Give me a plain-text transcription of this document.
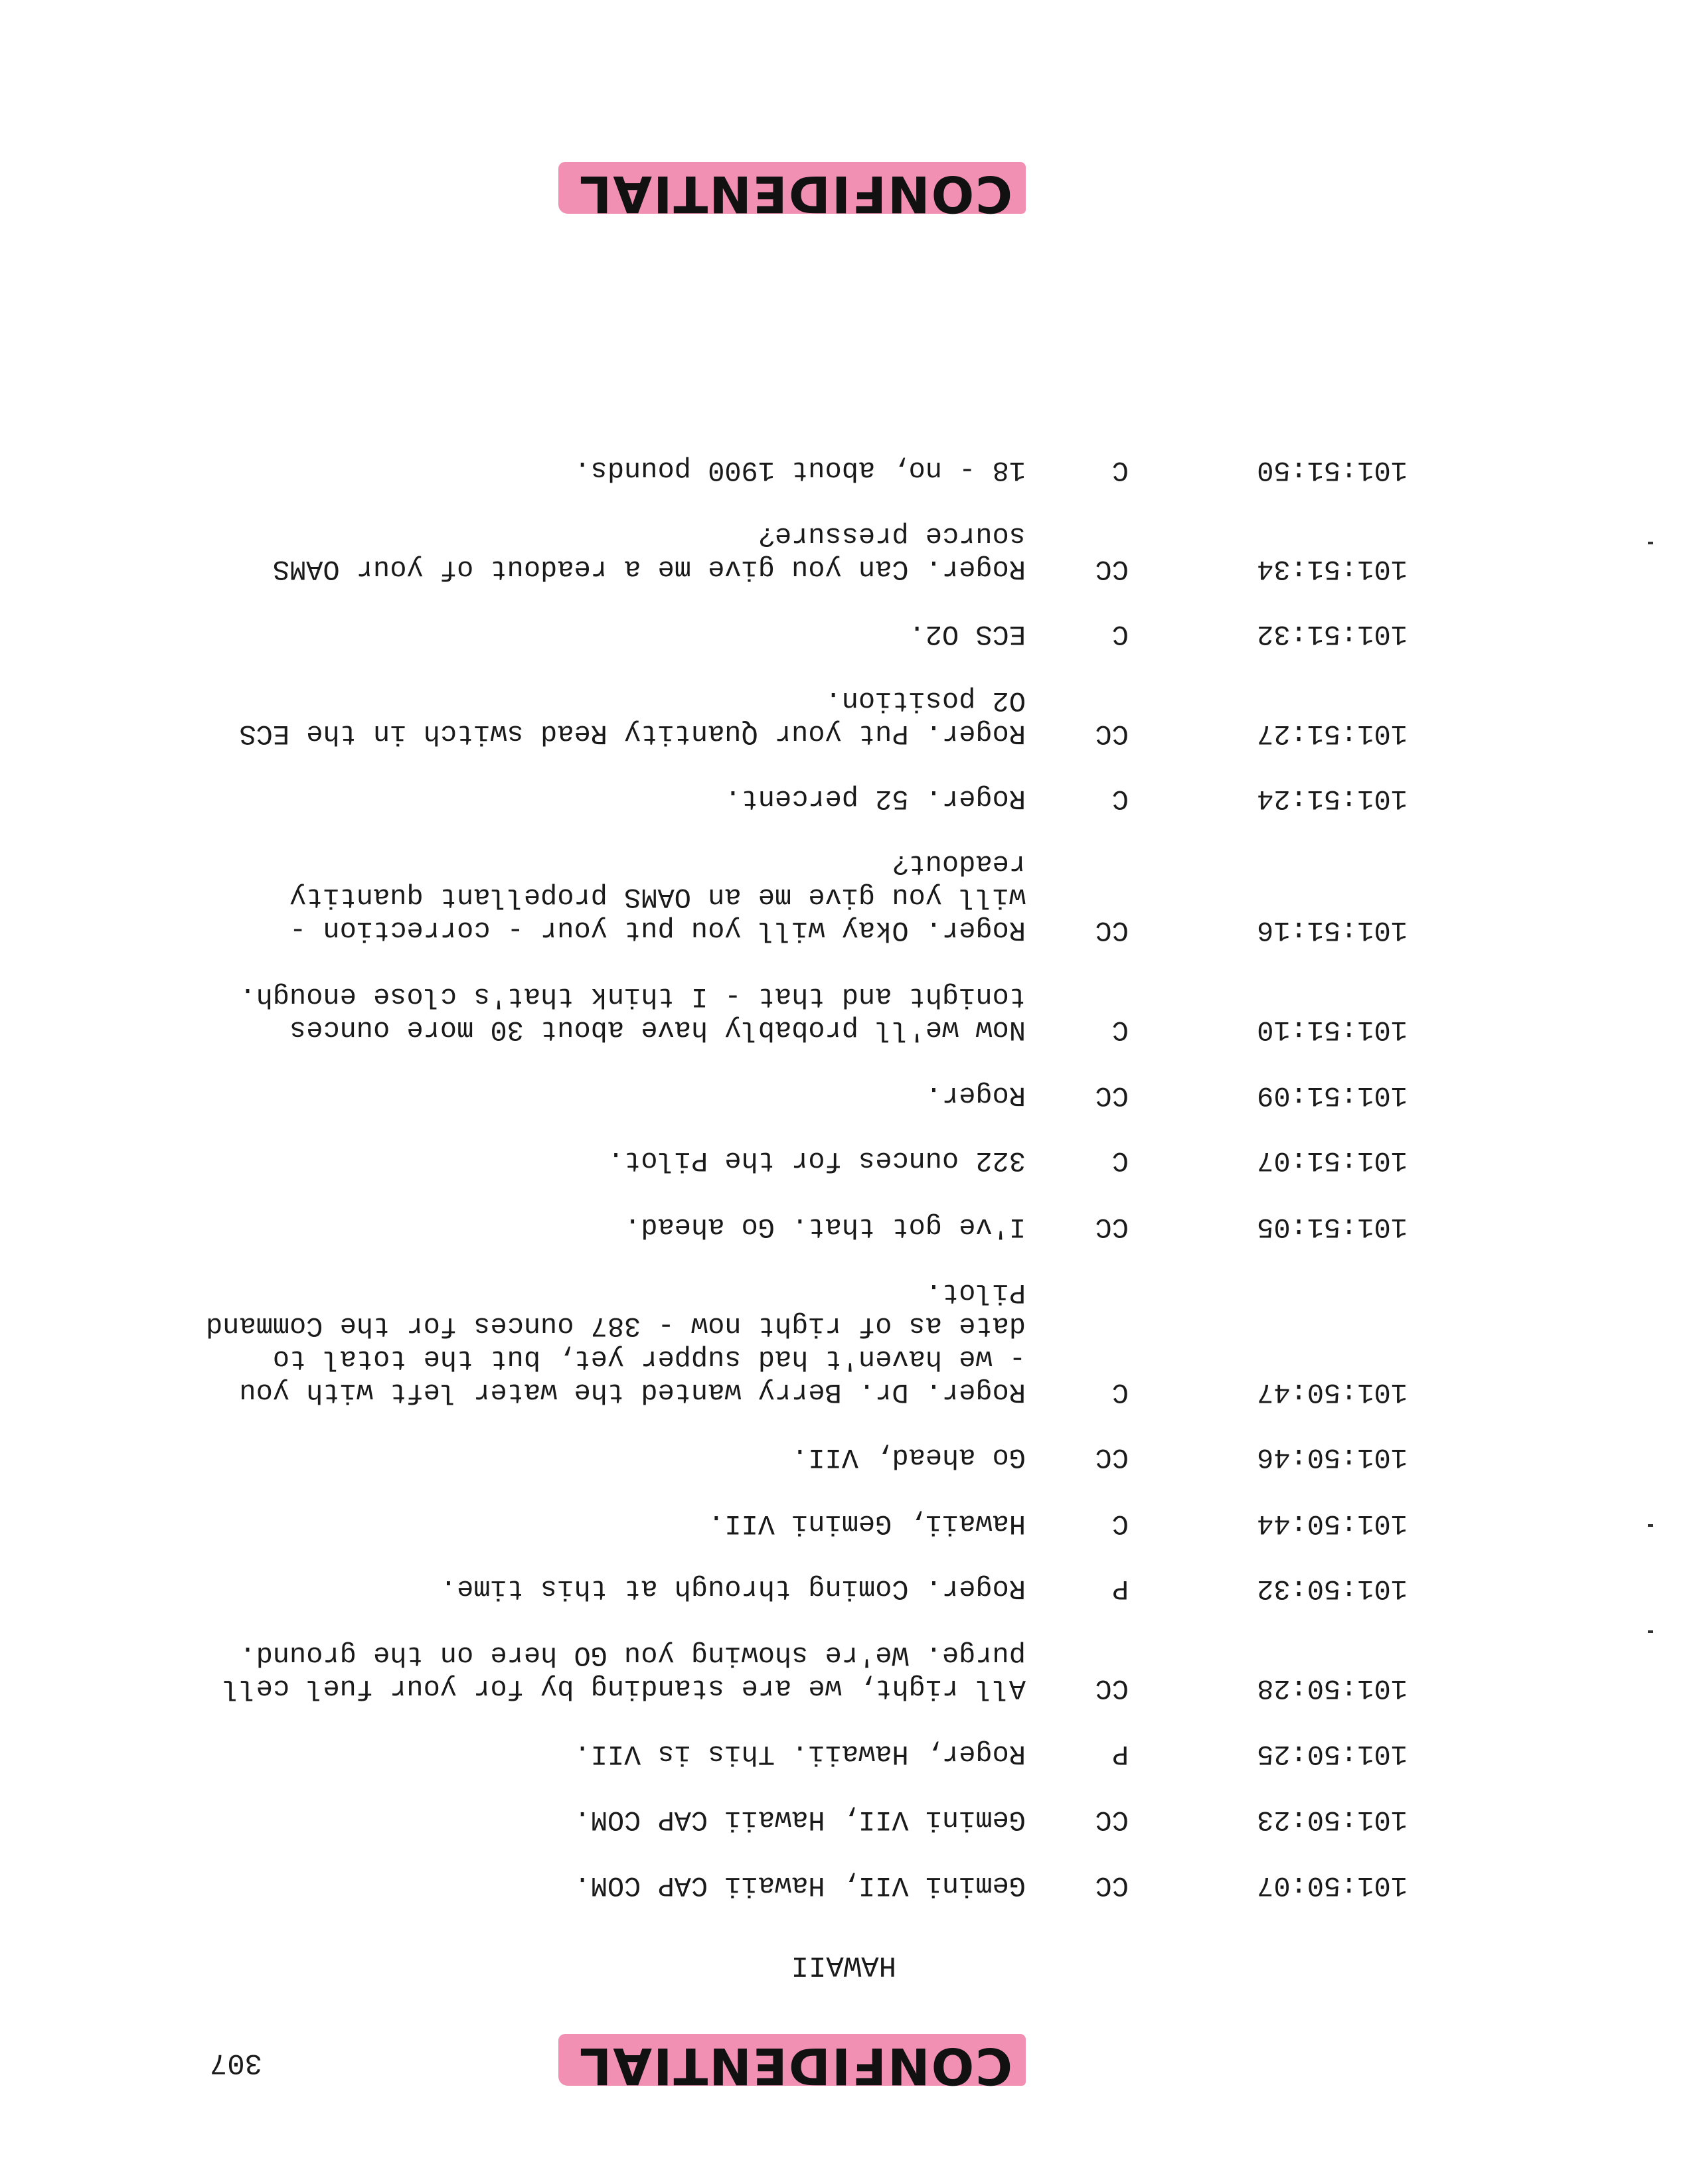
CONFIDENTIAL
307
HAWAII
101:50:07
CC
Gemini VII, Hawaii CAP COM.
101:50:23
CC
Gemini VII, Hawaii CAP COM.
101:50:25
P
Roger, Hawaii. This is VII.
101:50:28
CC
All right, we are standing by for your fuel cell
purge. We're showing you GO here on the ground.
101:50:32
P
Roger. Coming through at this time.
101:50:44
C
Hawaii, Gemini VII.
101:50:46
CC
Go ahead, VII.
101:50:47
C
Roger. Dr. Berry wanted the water left with you
- we haven't had supper yet, but the total to
date as of right now - 387 ounces for the Command
Pilot.
101:51:05
CC
I've got that. Go ahead.
101:51:07
C
322 ounces for the Pilot.
101:51:09
CC
Roger.
101:51:10
C
Now we'll probably have about 30 more ounces
tonight and that - I think that's close enough.
101:51:16
CC
Roger. Okay will you put your - correction -
will you give me an OAMS propellant quantity
readout?
101:51:24
C
Roger. 52 percent.
101:51:27
CC
Roger. Put your Quantity Read switch in the ECS
O2 position.
101:51:32
C
ECS O2.
101:51:34
CC
Roger. Can you give me a readout of your OAMS
source pressure?
101:51:50
C
18 - no, about 1900 pounds.
CONFIDENTIAL
